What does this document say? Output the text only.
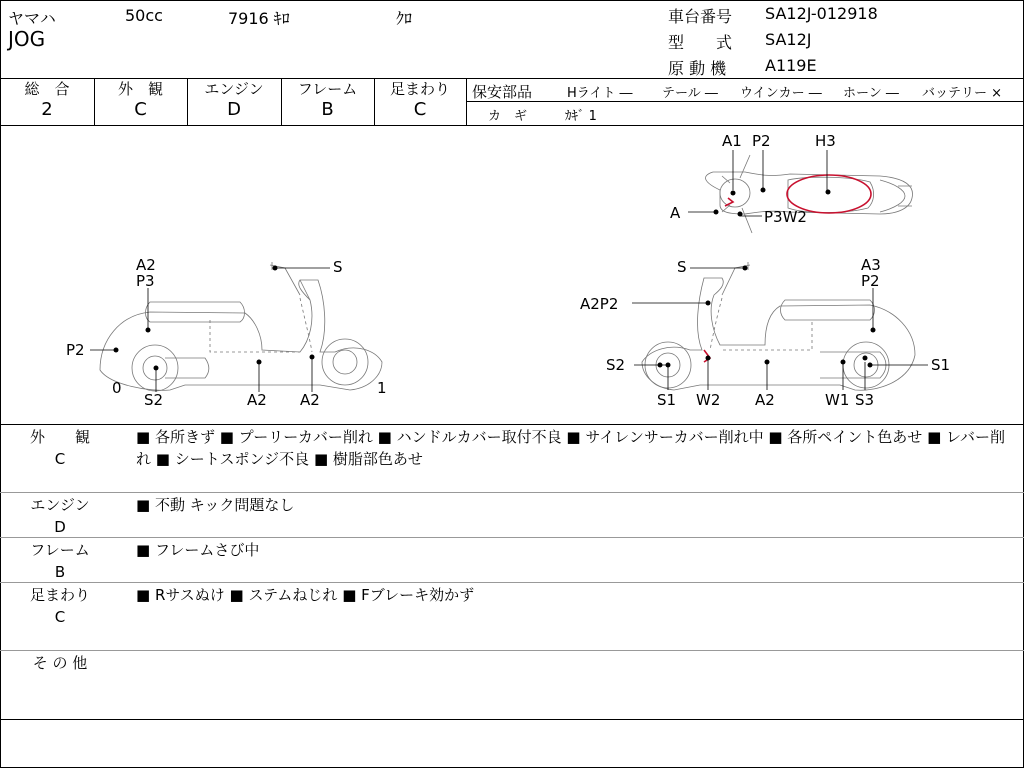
ヤマハ	50cc	7916 ｷﾛ	ｸﾛ
JOG
車台番号 SA12J-012918
型　　式 SA12J
原 動 機 A119E
総　合
2
外　観
C
エンジン
D
フレーム
B
足まわり
C
保安部品	Hライト ― テール ― ウインカー ― ホーン ― バッテリー ×
カ　ギ	ｶｷﾞ 1
A1 P2	H3
A	P3W2
A2
P3
S
P2
0
S2	A2 A2
1
S	A3
P2
A2P2
S2	S1
S1 W2 A2	W1 S3
外　　観
C
■ 各所きず ■ プーリーカバー削れ ■ ハンドルカバー取付不良 ■ サイレンサーカバー削れ中 ■ 各所ペイント色あせ ■ レバー削れ ■ シートスポンジ不良 ■ 樹脂部色あせ
エンジン
D
■ 不動 キック問題なし
フレーム
B
■ フレームさび中
足まわり
C
■ Rサスぬけ ■ ステムねじれ ■ Fブレーキ効かず
そ の 他
